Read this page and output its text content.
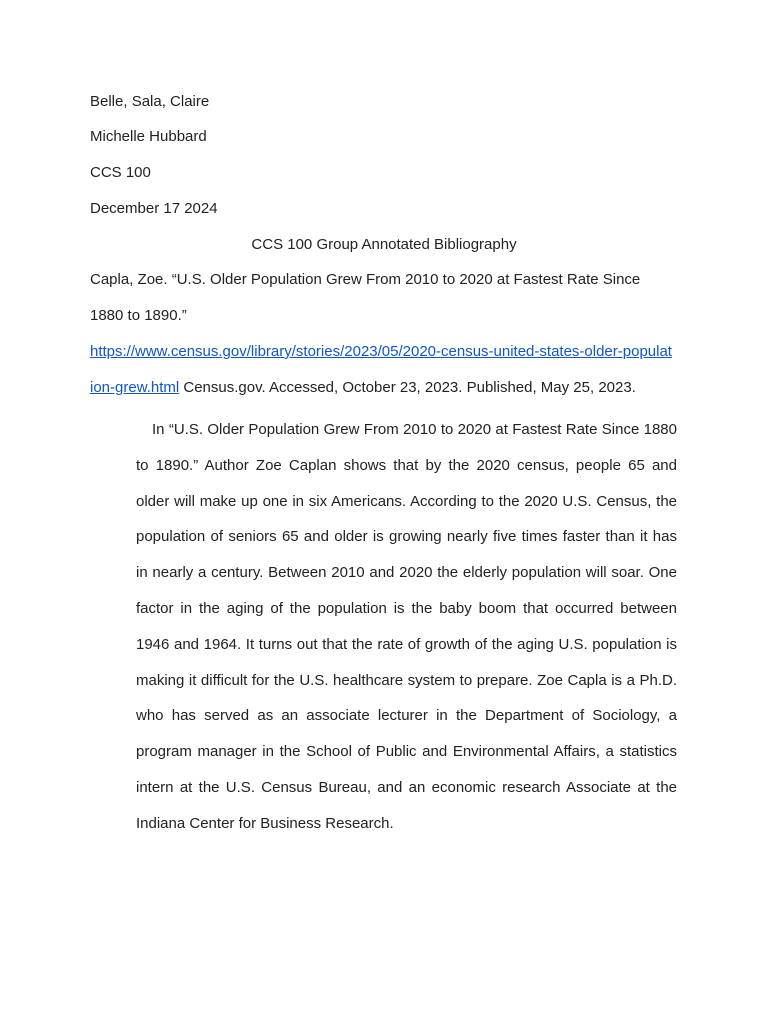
Belle, Sala, Claire
Michelle Hubbard
CCS 100
December 17 2024
CCS 100 Group Annotated Bibliography
Capla, Zoe. “U.S. Older Population Grew From 2010 to 2020 at Fastest Rate Since
1880 to 1890.”
https://www.census.gov/library/stories/2023/05/2020-census-united-states-older-populat
ion-grew.html Census.gov. Accessed, October 23, 2023. Published, May 25, 2023.
In “U.S. Older Population Grew From 2010 to 2020 at Fastest Rate Since 1880
to 1890.” Author Zoe Caplan shows that by the 2020 census, people 65 and
older will make up one in six Americans. According to the 2020 U.S. Census, the
population of seniors 65 and older is growing nearly five times faster than it has
in nearly a century. Between 2010 and 2020 the elderly population will soar. One
factor in the aging of the population is the baby boom that occurred between
1946 and 1964. It turns out that the rate of growth of the aging U.S. population is
making it difficult for the U.S. healthcare system to prepare. Zoe Capla is a Ph.D.
who has served as an associate lecturer in the Department of Sociology, a
program manager in the School of Public and Environmental Affairs, a statistics
intern at the U.S. Census Bureau, and an economic research Associate at the
Indiana Center for Business Research.
